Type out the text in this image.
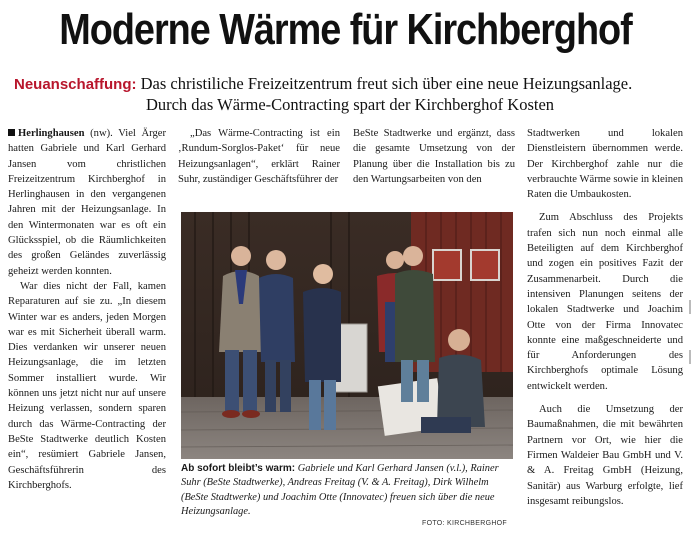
Moderne Wärme für Kirchberghof
Neuanschaffung: Das christiliche Freizeitzentrum freut sich über eine neue Heizungsanlage.
Durch das Wärme-Contracting spart der Kirchberghof Kosten

Herlinghausen (nw). Viel Ärger hatten Gabriele und Karl Gerhard Jansen vom christlichen Freizeitzentrum Kirchberghof in Herlinghausen in den vergangenen Jahren mit der Heizungsanlage. In den Wintermonaten war es oft ein Glücksspiel, ob die Räumlichkeiten des großen Geländes zuverlässig geheizt werden konnten.

War dies nicht der Fall, kamen Reparaturen auf sie zu. „In diesem Winter war es anders, jeden Morgen war es mit Sicherheit überall warm. Dies verdanken wir unserer neuen Heizungsanlage, die im letzten Sommer installiert wurde. Wir können uns jetzt nicht nur auf unsere Heizung verlassen, sondern sparen durch das Wärme-Contracting der BeSte Stadtwerke deutlich Kosten ein“, resümiert Gabriele Jansen, Geschäftsführerin des Kirchberghofs.

„Das Wärme-Contracting ist ein ‚Rundum-Sorglos-Paket‘ für neue Heizungsanlagen“, erklärt Rainer Suhr, zuständiger Geschäftsführer der

BeSte Stadtwerke und ergänzt, dass die gesamte Umsetzung von der Planung über die Installation bis zu den Wartungsarbeiten von den

Stadtwerken und lokalen Dienstleistern übernommen werde. Der Kirchberghof zahle nur die verbrauchte Wärme sowie in kleinen Raten die Umbaukosten.

Zum Abschluss des Projekts trafen sich nun noch einmal alle Beteiligten auf dem Kirchberghof und zogen ein positives Fazit der Zusammenarbeit. Durch die intensiven Planungen seitens der lokalen Stadtwerke und Joachim Otte von der Firma Innovatec konnte eine maßgeschneiderte und für Anforderungen des Kirchberghofs optimale Lösung entwickelt werden.

Auch die Umsetzung der Baumaßnahmen, die mit bewährten Partnern vor Ort, wie hier die Firmen Waldeier Bau GmbH und V. & A. Freitag GmbH (Heizung, Sanitär) aus Warburg erfolgte, lief insgesamt reibungslos.

Ab sofort bleibt’s warm: Gabriele und Karl Gerhard Jansen (v.l.), Rainer Suhr (BeSte Stadtwerke), Andreas Freitag (V. & A. Freitag), Dirk Wilhelm (BeSte Stadtwerke) und Joachim Otte (Innovatec) freuen sich über die neue Heizungsanlage.
FOTO: KIRCHBERGHOF
